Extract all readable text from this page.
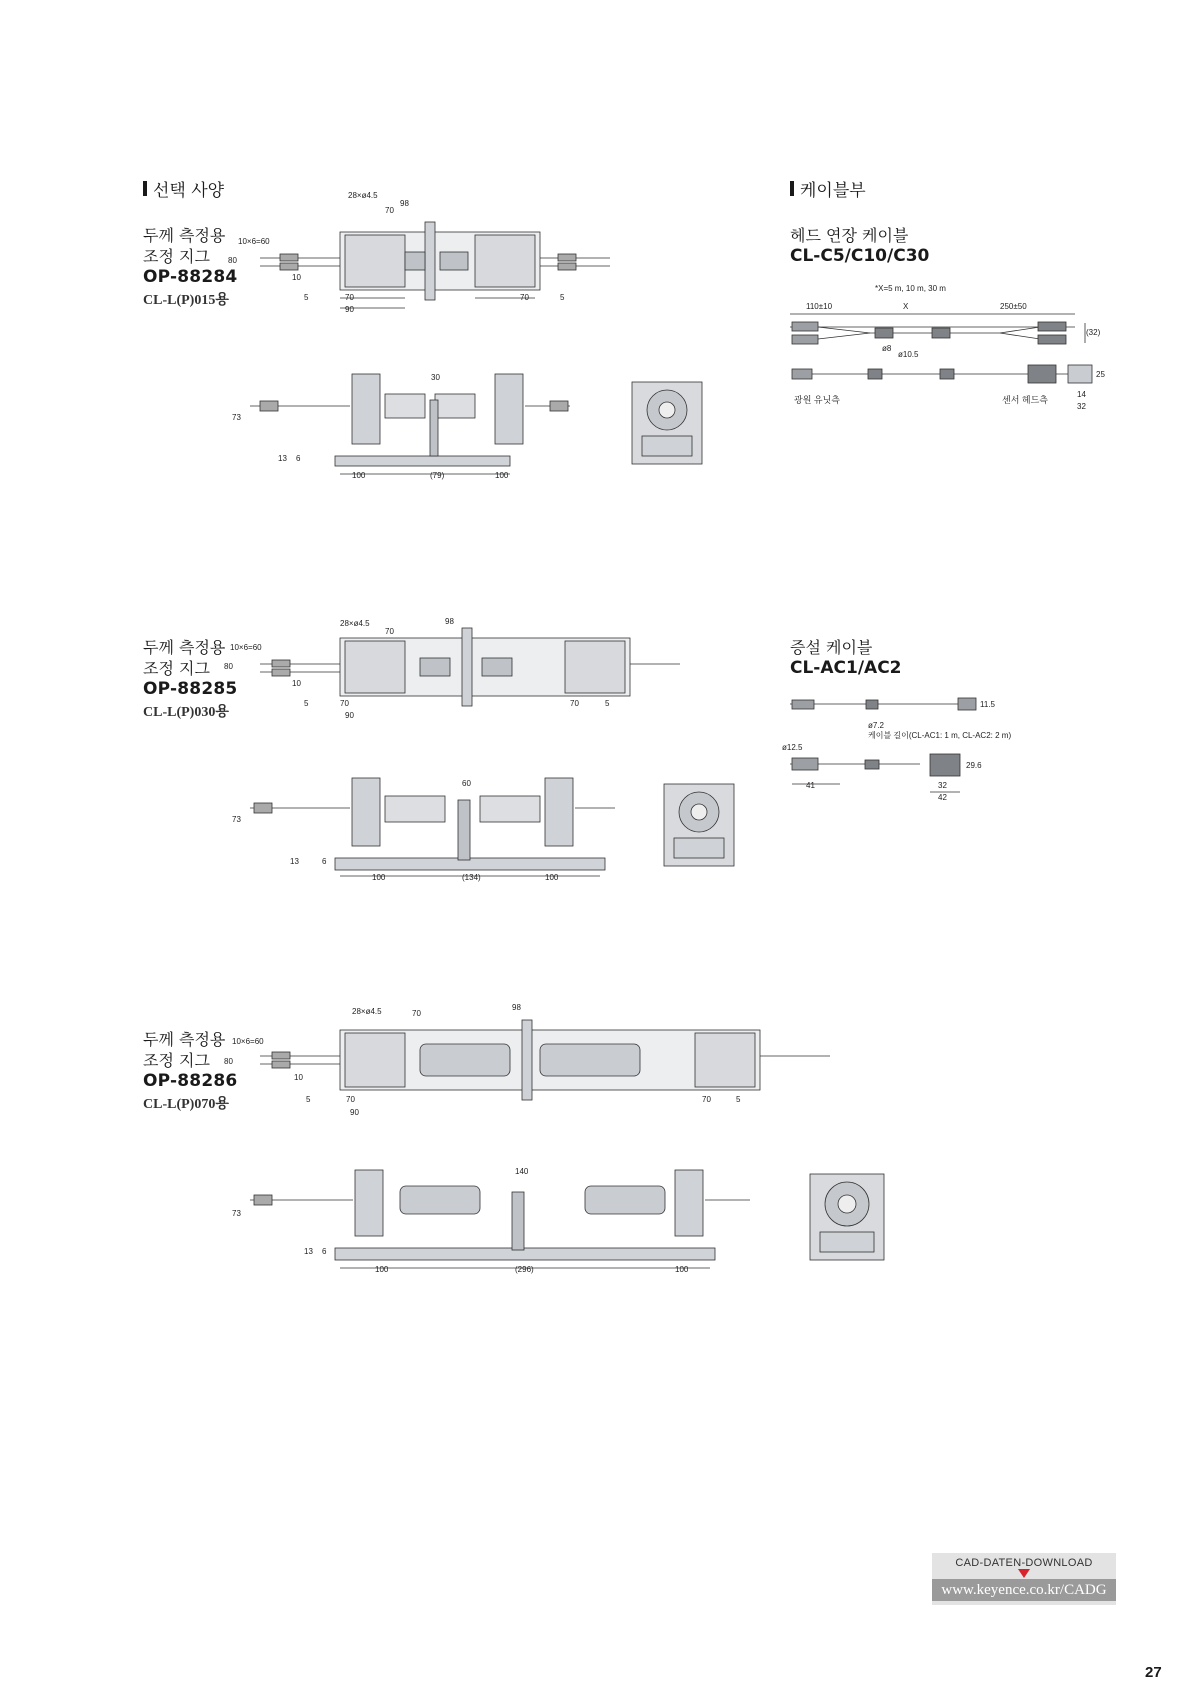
선택 사양	케이블부
두께 측정용
조정 지그
OP-88284
CL-L(P)015용
두께 측정용
조정 지그
OP-88285
CL-L(P)030용
두께 측정용
조정 지그
OP-88286
CL-L(P)070용
헤드 연장 케이블
CL-C5/C10/C30
증설 케이블
CL-AC1/AC2
28×ø4.5
70
98
10×6=60
80
10
5	70
90
70	5
30
73
13 6
100	(79)	100
28×ø4.5
70
98
10×6=60
80
10
5	70
90
70	5
60
73
13	6
100	(134)	100
28×ø4.5	70
98
10×6=60
80
10
5	70
90
70	5
140
73
13 6
100	(296)	100
*X=5 m, 10 m, 30 m
110±10	X	250±50
ø8
ø10.5
(32)
25
14
32
광원 유닛측	센서 헤드측
11.5
ø7.2
케이블 길이(CL-AC1: 1 m, CL-AC2: 2 m)
ø12.5
29.6
41	32
42
CAD-DATEN-DOWNLOAD
www.keyence.co.kr/CADG
27
